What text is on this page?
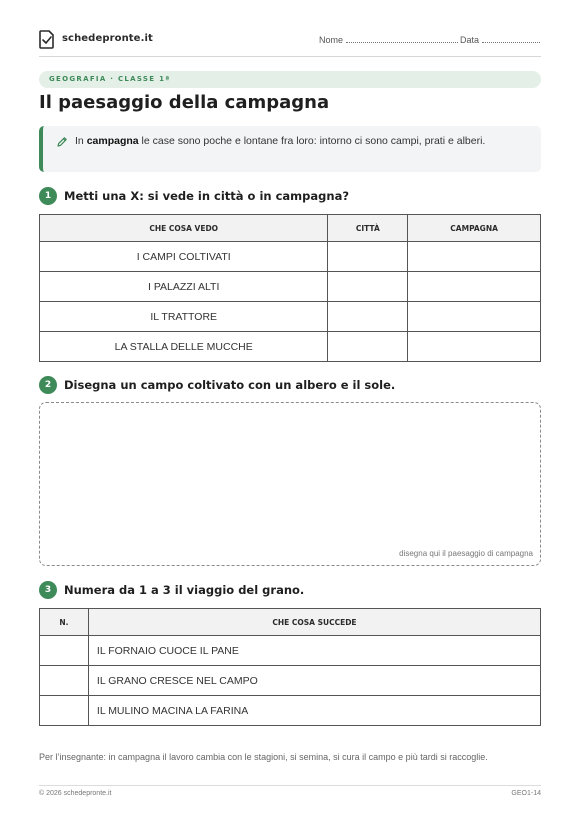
schedepronte.it	Nome	Data
GEOGRAFIA · CLASSE 1ª
Il paesaggio della campagna

In campagna le case sono poche e lontane fra loro: intorno ci sono campi, prati e alberi.

1	Metti una X: si vede in città o in campagna?
CHE COSA VEDO	CITTÀ	CAMPAGNA
I CAMPI COLTIVATI		
I PALAZZI ALTI		
IL TRATTORE		
LA STALLA DELLE MUCCHE		
2	Disegna un campo coltivato con un albero e il sole.
disegna qui il paesaggio di campagna
3	Numera da 1 a 3 il viaggio del grano.
N.	CHE COSA SUCCEDE
	IL FORNAIO CUOCE IL PANE
	IL GRANO CRESCE NEL CAMPO
	IL MULINO MACINA LA FARINA

Per l’insegnante: in campagna il lavoro cambia con le stagioni, si semina, si cura il campo e più tardi si raccoglie.

© 2026 schedepronte.it	GEO1-14
